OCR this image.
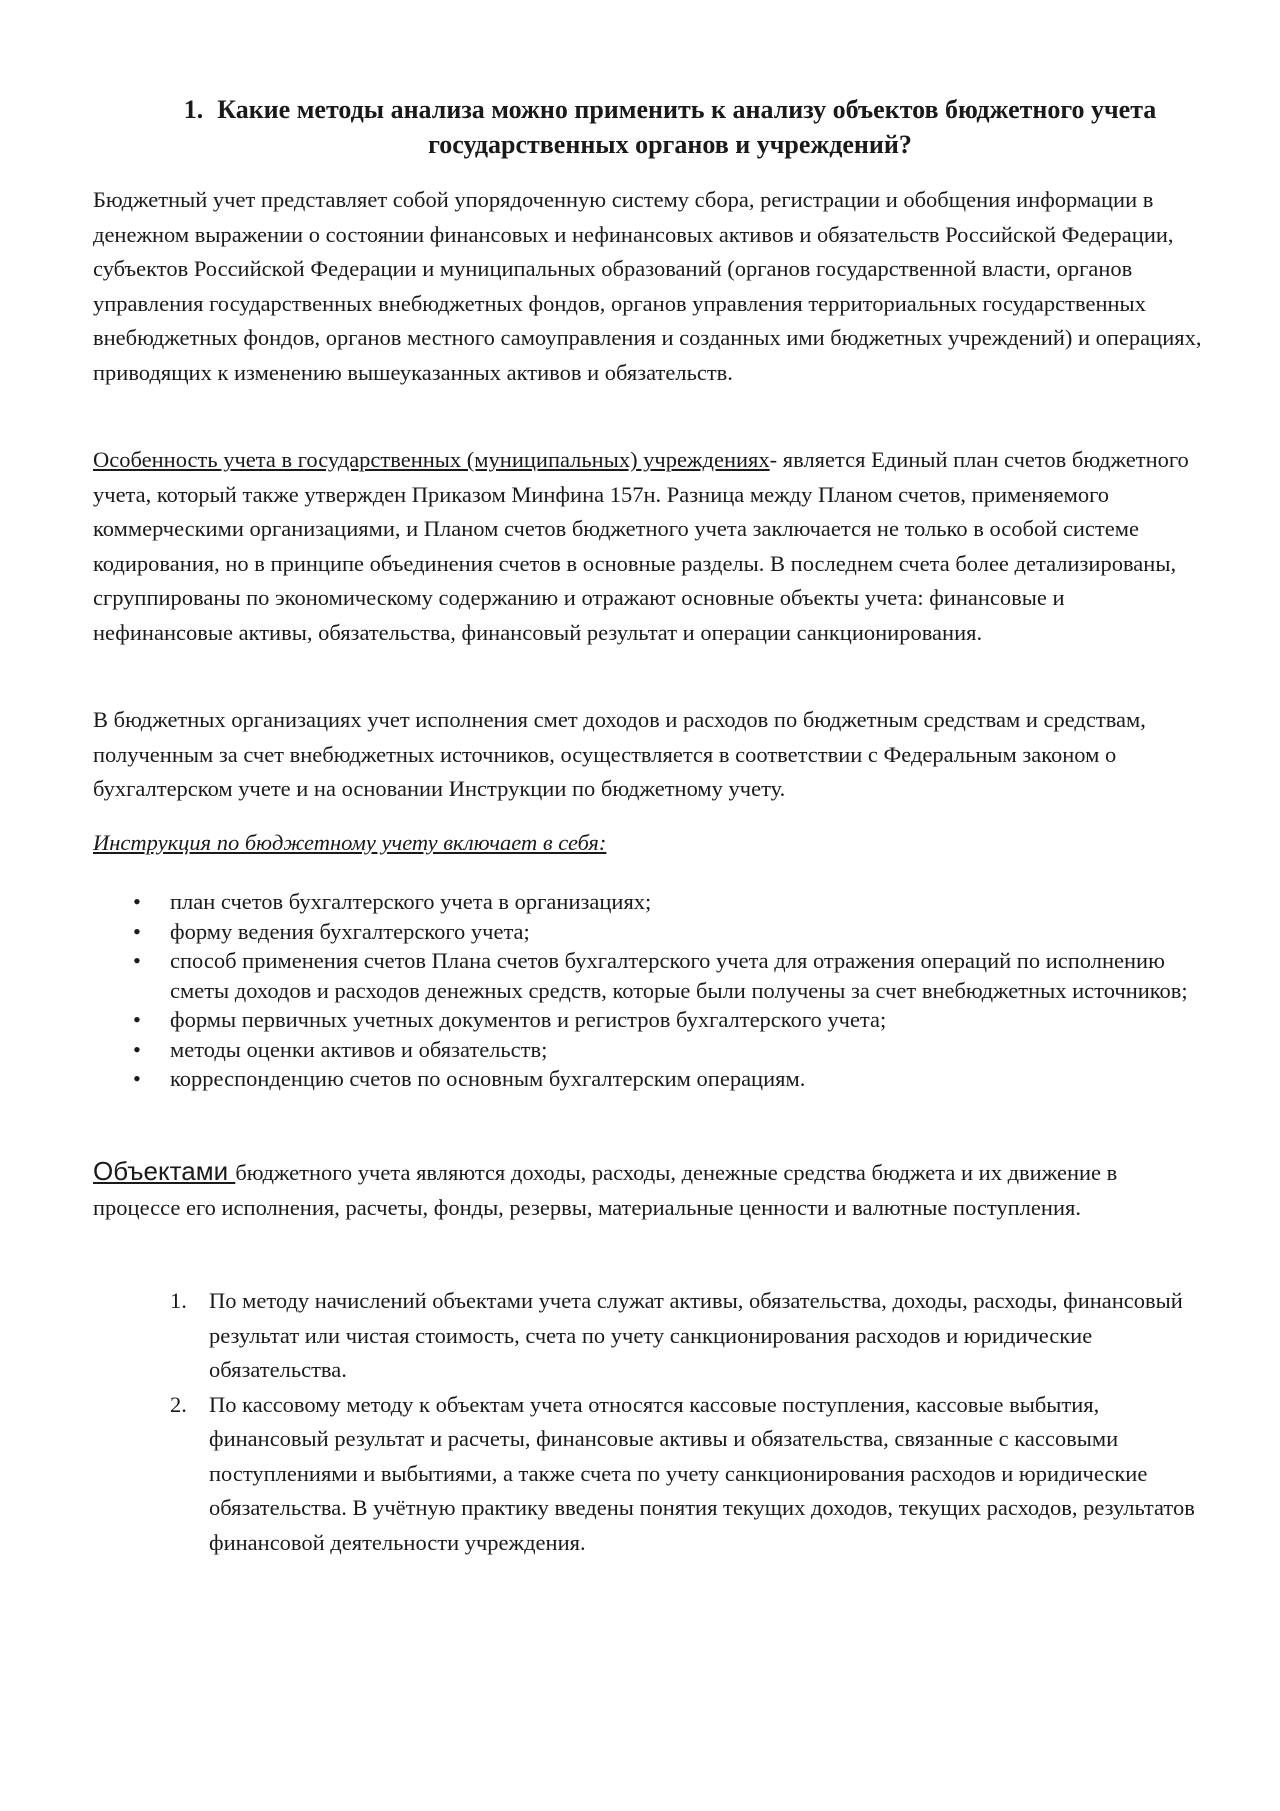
1. Какие методы анализа можно применить к анализу объектов бюджетного учета государственных органов и учреждений?

Бюджетный учет представляет собой упорядоченную систему сбора, регистрации и обобщения информации в денежном выражении о состоянии финансовых и нефинансовых активов и обязательств Российской Федерации, субъектов Российской Федерации и муниципальных образований (органов государственной власти, органов управления государственных внебюджетных фондов, органов управления территориальных государственных внебюджетных фондов, органов местного самоуправления и созданных ими бюджетных учреждений) и операциях, приводящих к изменению вышеуказанных активов и обязательств.

Особенность учета в государственных (муниципальных) учреждениях- является Единый план счетов бюджетного учета, который также утвержден Приказом Минфина 157н. Разница между Планом счетов, применяемого коммерческими организациями, и Планом счетов бюджетного учета заключается не только в особой системе кодирования, но в принципе объединения счетов в основные разделы. В последнем счета более детализированы, сгруппированы по экономическому содержанию и отражают основные объекты учета: финансовые и нефинансовые активы, обязательства, финансовый результат и операции санкционирования.

В бюджетных организациях учет исполнения смет доходов и расходов по бюджетным средствам и средствам, полученным за счет внебюджетных источников, осуществляется в соответствии с Федеральным законом о бухгалтерском учете и на основании Инструкции по бюджетному учету.

Инструкция по бюджетному учету включает в себя:

• план счетов бухгалтерского учета в организациях;
• форму ведения бухгалтерского учета;
• способ применения счетов Плана счетов бухгалтерского учета для отражения операций по исполнению сметы доходов и расходов денежных средств, которые были получены за счет внебюджетных источников;
• формы первичных учетных документов и регистров бухгалтерского учета;
• методы оценки активов и обязательств;
• корреспонденцию счетов по основным бухгалтерским операциям.

Объектами бюджетного учета являются доходы, расходы, денежные средства бюджета и их движение в процессе его исполнения, расчеты, фонды, резервы, материальные ценности и валютные поступления.

1. По методу начислений объектами учета служат активы, обязательства, доходы, расходы, финансовый результат или чистая стоимость, счета по учету санкционирования расходов и юридические обязательства.
2. По кассовому методу к объектам учета относятся кассовые поступления, кассовые выбытия, финансовый результат и расчеты, финансовые активы и обязательства, связанные с кассовыми поступлениями и выбытиями, а также счета по учету санкционирования расходов и юридические обязательства. В учётную практику введены понятия текущих доходов, текущих расходов, результатов финансовой деятельности учреждения.
